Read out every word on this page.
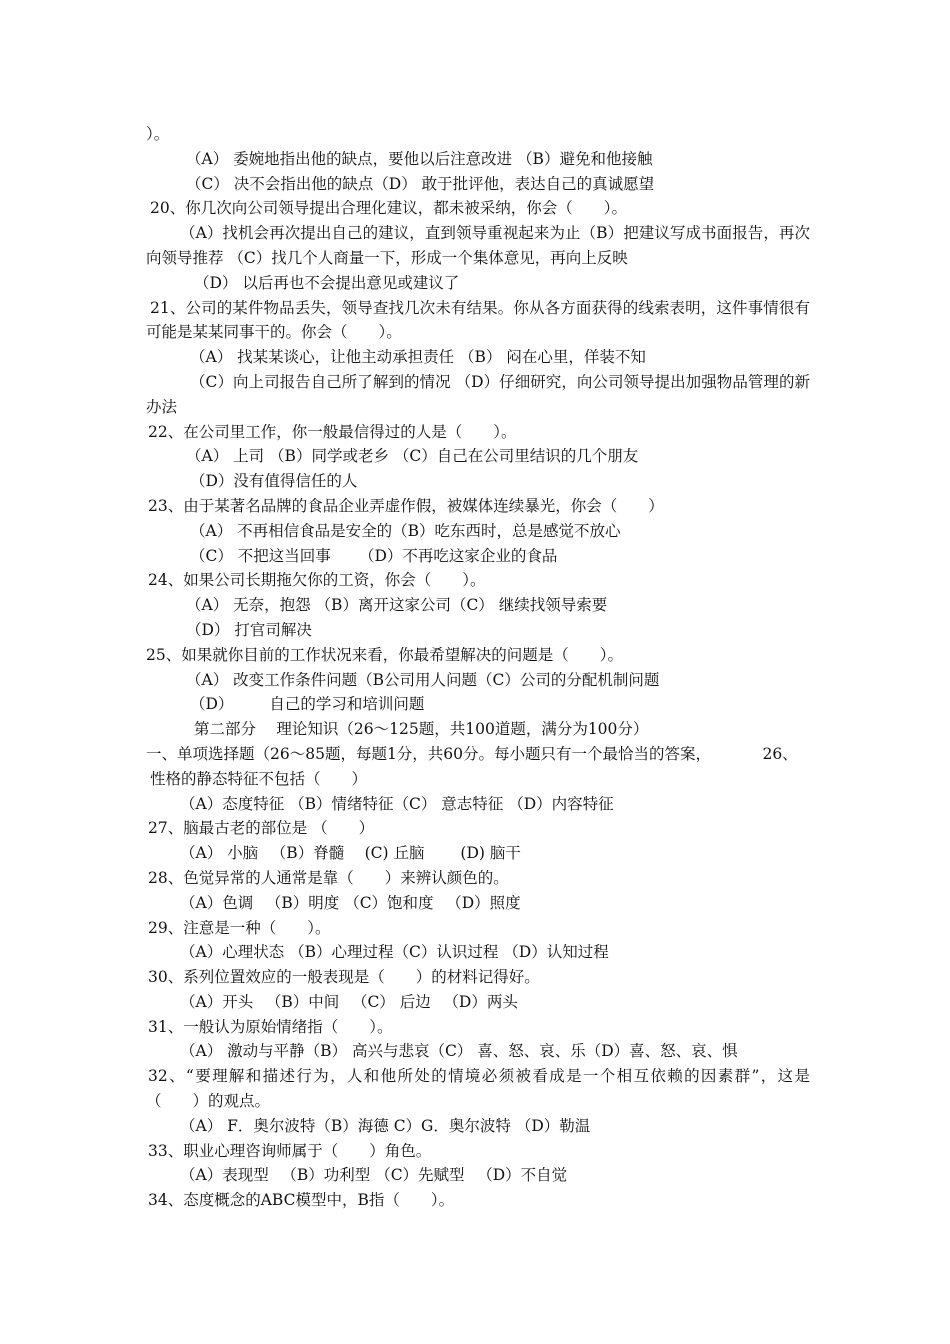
）。
（A） 委婉地指出他的缺点，要他以后注意改进 （B）避免和他接触
（C） 决不会指出他的缺点（D） 敢于批评他，表达自己的真诚愿望
20、你几次向公司领导提出合理化建议，都未被采纳，你会（　　）。
（A）找机会再次提出自己的建议，直到领导重视起来为止（B）把建议写成书面报告，再次向领导推荐 （C）找几个人商量一下，形成一个集体意见，再向上反映
（D） 以后再也不会提出意见或建议了
21、公司的某件物品丢失，领导查找几次未有结果。你从各方面获得的线索表明，这件事情很有可能是某某同事干的。你会（　　）。
（A） 找某某谈心，让他主动承担责任 （B） 闷在心里，佯装不知
（C）向上司报告自己所了解到的情况 （D）仔细研究，向公司领导提出加强物品管理的新办法
22、在公司里工作，你一般最信得过的人是（　　）。
（A） 上司 （B）同学或老乡 （C）自己在公司里结识的几个朋友
（D）没有值得信任的人
23、由于某著名品牌的食品企业弄虚作假，被媒体连续暴光，你会（　　）
（A） 不再相信食品是安全的（B）吃东西时，总是感觉不放心
（C） 不把这当回事 　　（D）不再吃这家企业的食品
24、如果公司长期拖欠你的工资，你会（　　）。
（A） 无奈，抱怨 （B）离开这家公司（C） 继续找领导索要
（D） 打官司解决
25、如果就你目前的工作状况来看，你最希望解决的问题是（　　）。
（A） 改变工作条件问题（B公司用人问题（C）公司的分配机制问题
（D） 　　自己的学习和培训问题
第二部分 　理论知识（26～125题，共100道题，满分为100分）
一、单项选择题（26～85题，每题1分，共60分。每小题只有一个最恰当的答案， 　　　26、
性格的静态特征不包括（　　）
（A）态度特征 （B）情绪特征（C） 意志特征 （D）内容特征
27、脑最古老的部位是 （　　）
（A） 小脑 　（B）脊髓 　(C) 丘脑 　　(D) 脑干
28、色觉异常的人通常是靠（　　）来辨认颜色的。
（A）色调 　（B）明度 （C）饱和度 　（D）照度
29、注意是一种（　　）。
（A）心理状态 （B）心理过程（C）认识过程 （D）认知过程
30、系列位置效应的一般表现是（　　）的材料记得好。
（A）开头 　（B）中间 　（C） 后边 　（D）两头
31、一般认为原始情绪指（　　）。
（A） 激动与平静（B） 高兴与悲哀（C） 喜、怒、哀、乐（D）喜、怒、哀、惧
32、“要理解和描述行为，人和他所处的情境必须被看成是一个相互依赖的因素群”，这是（　　）的观点。
（A） F．奥尔波特（B）海德 C）G．奥尔波特 （D）勒温
33、职业心理咨询师属于（　　）角色。
（A）表现型 　（B）功利型 （C）先赋型 　（D）不自觉
34、态度概念的ABC模型中，B指（　　）。
